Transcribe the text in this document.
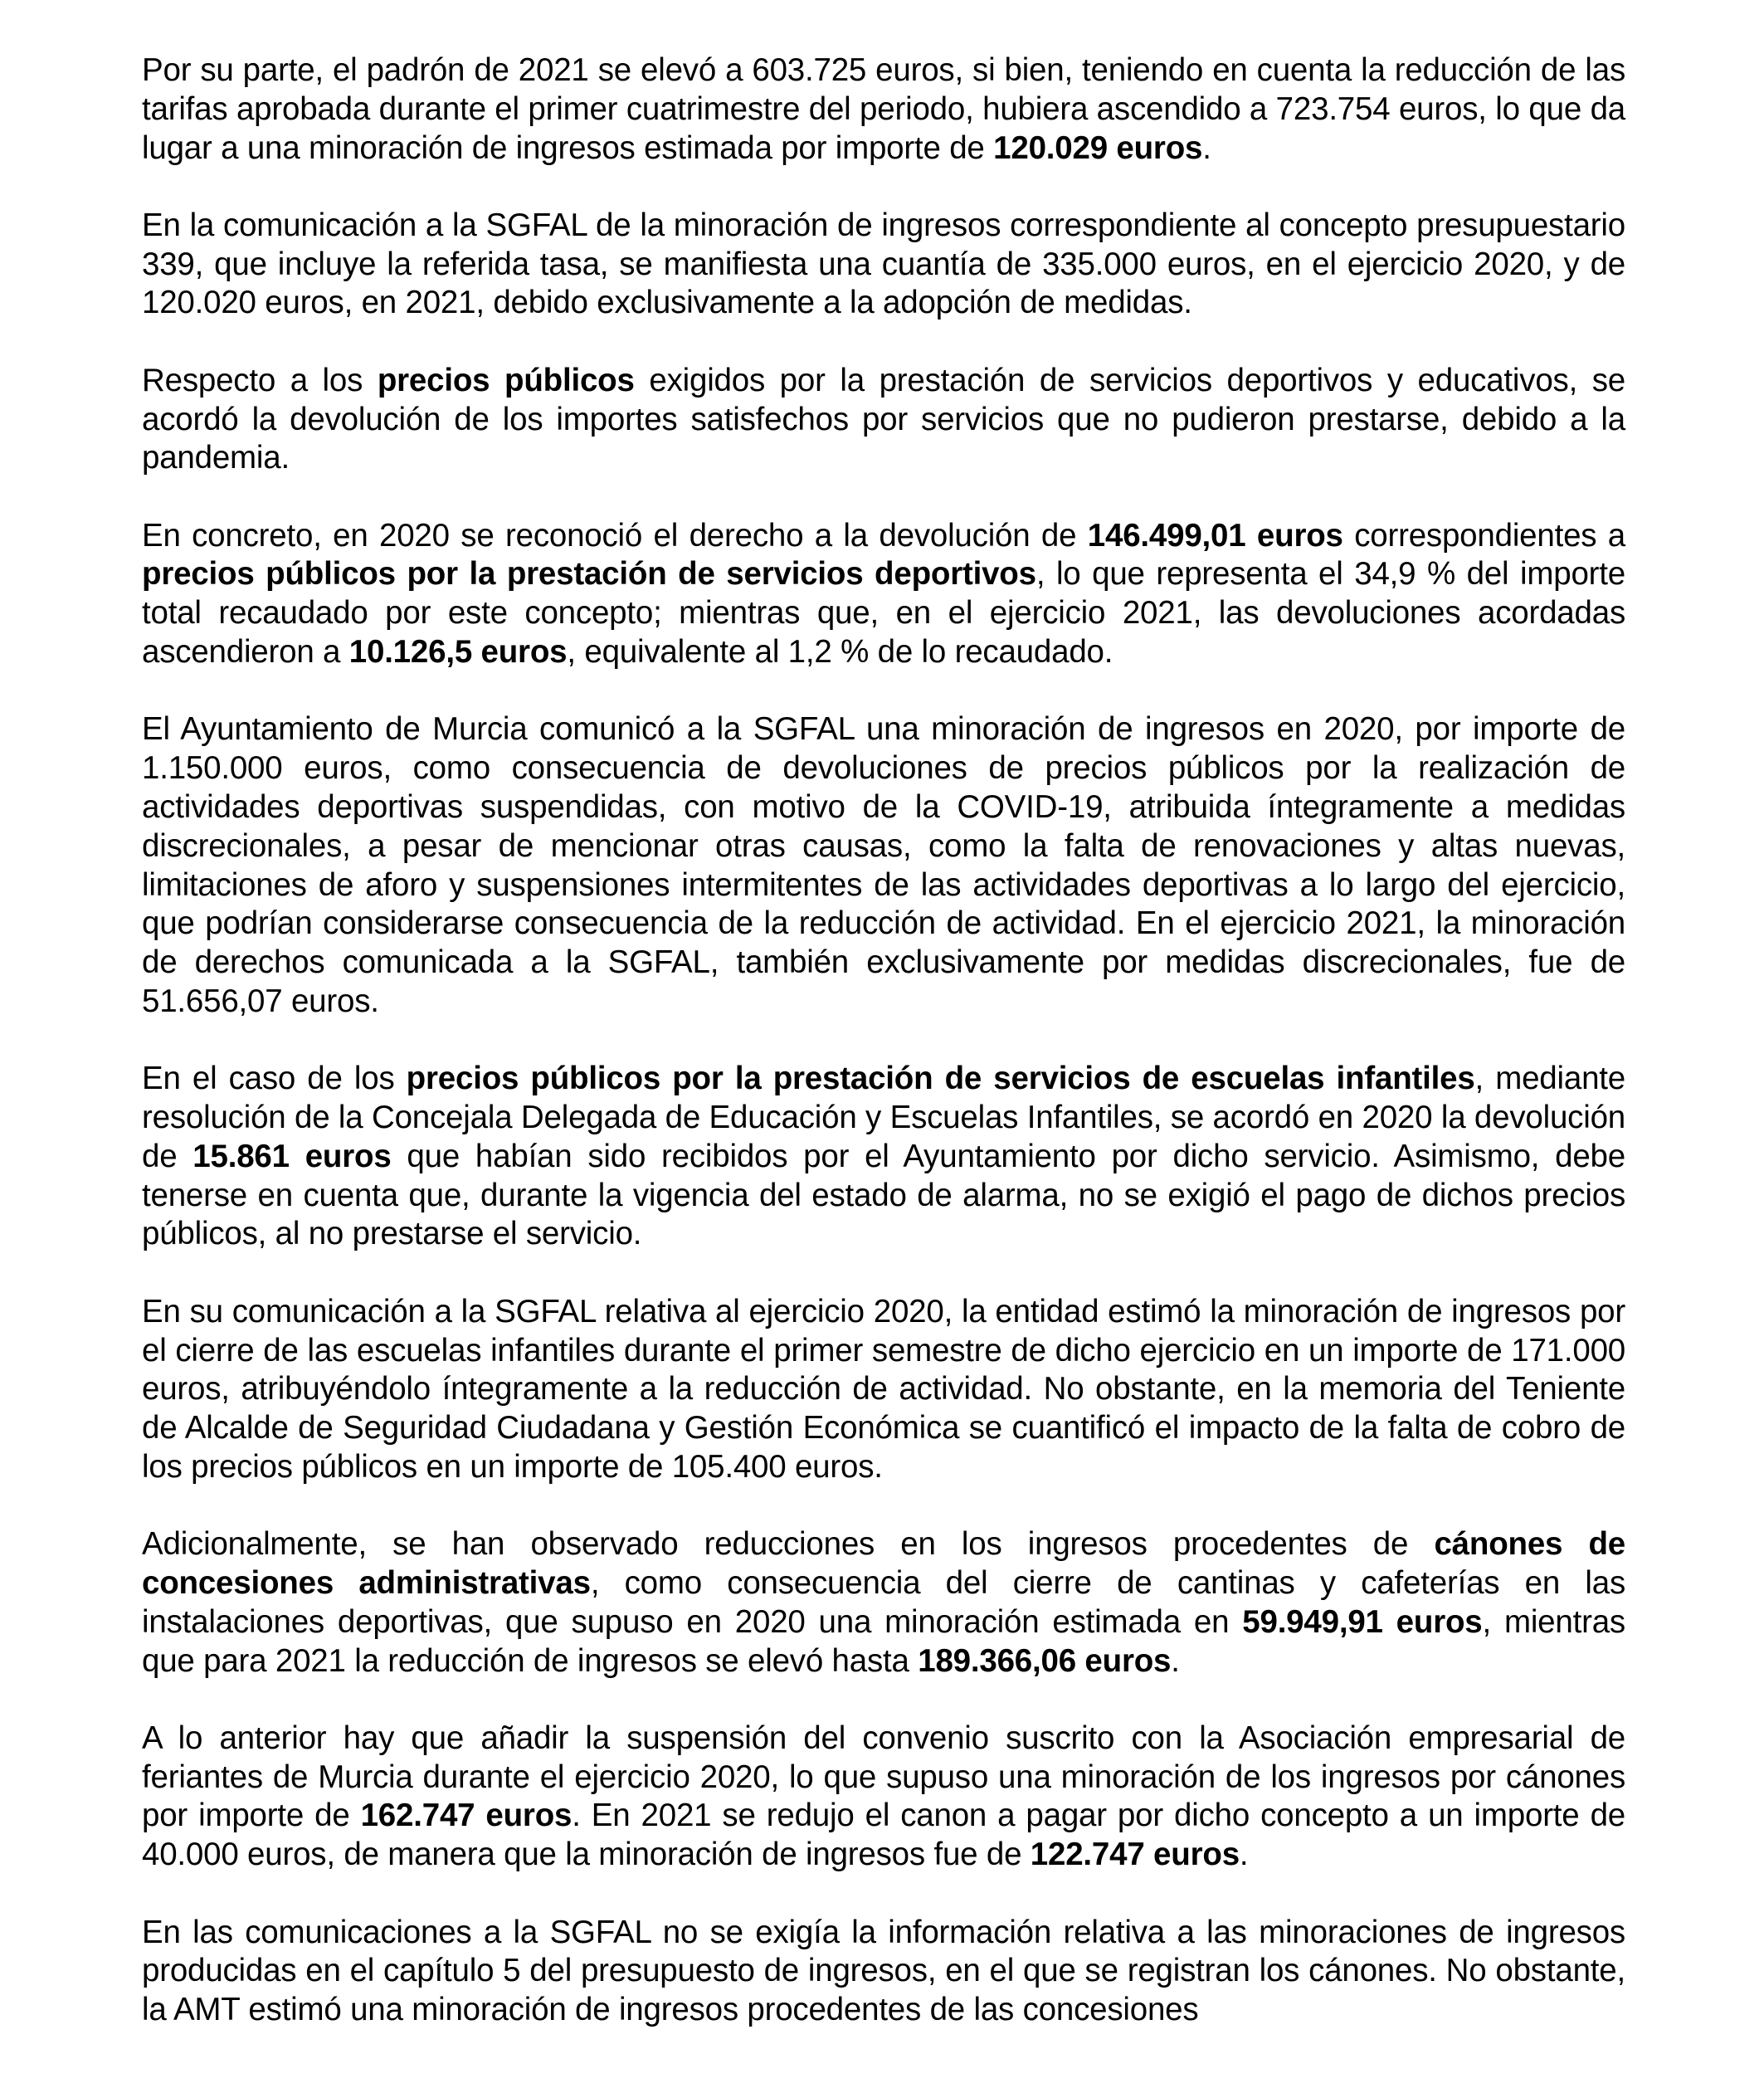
Por su parte, el padrón de 2021 se elevó a 603.725 euros, si bien, teniendo en cuenta la reducción de las tarifas aprobada durante el primer cuatrimestre del periodo, hubiera ascendido a 723.754 euros, lo que da lugar a una minoración de ingresos estimada por importe de 120.029 euros.

En la comunicación a la SGFAL de la minoración de ingresos correspondiente al concepto presupuestario 339, que incluye la referida tasa, se manifiesta una cuantía de 335.000 euros, en el ejercicio 2020, y de 120.020 euros, en 2021, debido exclusivamente a la adopción de medidas.

Respecto a los precios públicos exigidos por la prestación de servicios deportivos y educativos, se acordó la devolución de los importes satisfechos por servicios que no pudieron prestarse, debido a la pandemia.

En concreto, en 2020 se reconoció el derecho a la devolución de 146.499,01 euros correspondientes a precios públicos por la prestación de servicios deportivos, lo que representa el 34,9 % del importe total recaudado por este concepto; mientras que, en el ejercicio 2021, las devoluciones acordadas ascendieron a 10.126,5 euros, equivalente al 1,2 % de lo recaudado.

El Ayuntamiento de Murcia comunicó a la SGFAL una minoración de ingresos en 2020, por importe de 1.150.000 euros, como consecuencia de devoluciones de precios públicos por la realización de actividades deportivas suspendidas, con motivo de la COVID-19, atribuida íntegramente a medidas discrecionales, a pesar de mencionar otras causas, como la falta de renovaciones y altas nuevas, limitaciones de aforo y suspensiones intermitentes de las actividades deportivas a lo largo del ejercicio, que podrían considerarse consecuencia de la reducción de actividad. En el ejercicio 2021, la minoración de derechos comunicada a la SGFAL, también exclusivamente por medidas discrecionales, fue de 51.656,07 euros.

En el caso de los precios públicos por la prestación de servicios de escuelas infantiles, mediante resolución de la Concejala Delegada de Educación y Escuelas Infantiles, se acordó en 2020 la devolución de 15.861 euros que habían sido recibidos por el Ayuntamiento por dicho servicio. Asimismo, debe tenerse en cuenta que, durante la vigencia del estado de alarma, no se exigió el pago de dichos precios públicos, al no prestarse el servicio.

En su comunicación a la SGFAL relativa al ejercicio 2020, la entidad estimó la minoración de ingresos por el cierre de las escuelas infantiles durante el primer semestre de dicho ejercicio en un importe de 171.000 euros, atribuyéndolo íntegramente a la reducción de actividad. No obstante, en la memoria del Teniente de Alcalde de Seguridad Ciudadana y Gestión Económica se cuantificó el impacto de la falta de cobro de los precios públicos en un importe de 105.400 euros.

Adicionalmente, se han observado reducciones en los ingresos procedentes de cánones de concesiones administrativas, como consecuencia del cierre de cantinas y cafeterías en las instalaciones deportivas, que supuso en 2020 una minoración estimada en 59.949,91 euros, mientras que para 2021 la reducción de ingresos se elevó hasta 189.366,06 euros.

A lo anterior hay que añadir la suspensión del convenio suscrito con la Asociación empresarial de feriantes de Murcia durante el ejercicio 2020, lo que supuso una minoración de los ingresos por cánones por importe de 162.747 euros. En 2021 se redujo el canon a pagar por dicho concepto a un importe de 40.000 euros, de manera que la minoración de ingresos fue de 122.747 euros.

En las comunicaciones a la SGFAL no se exigía la información relativa a las minoraciones de ingresos producidas en el capítulo 5 del presupuesto de ingresos, en el que se registran los cánones. No obstante, la AMT estimó una minoración de ingresos procedentes de las concesiones
